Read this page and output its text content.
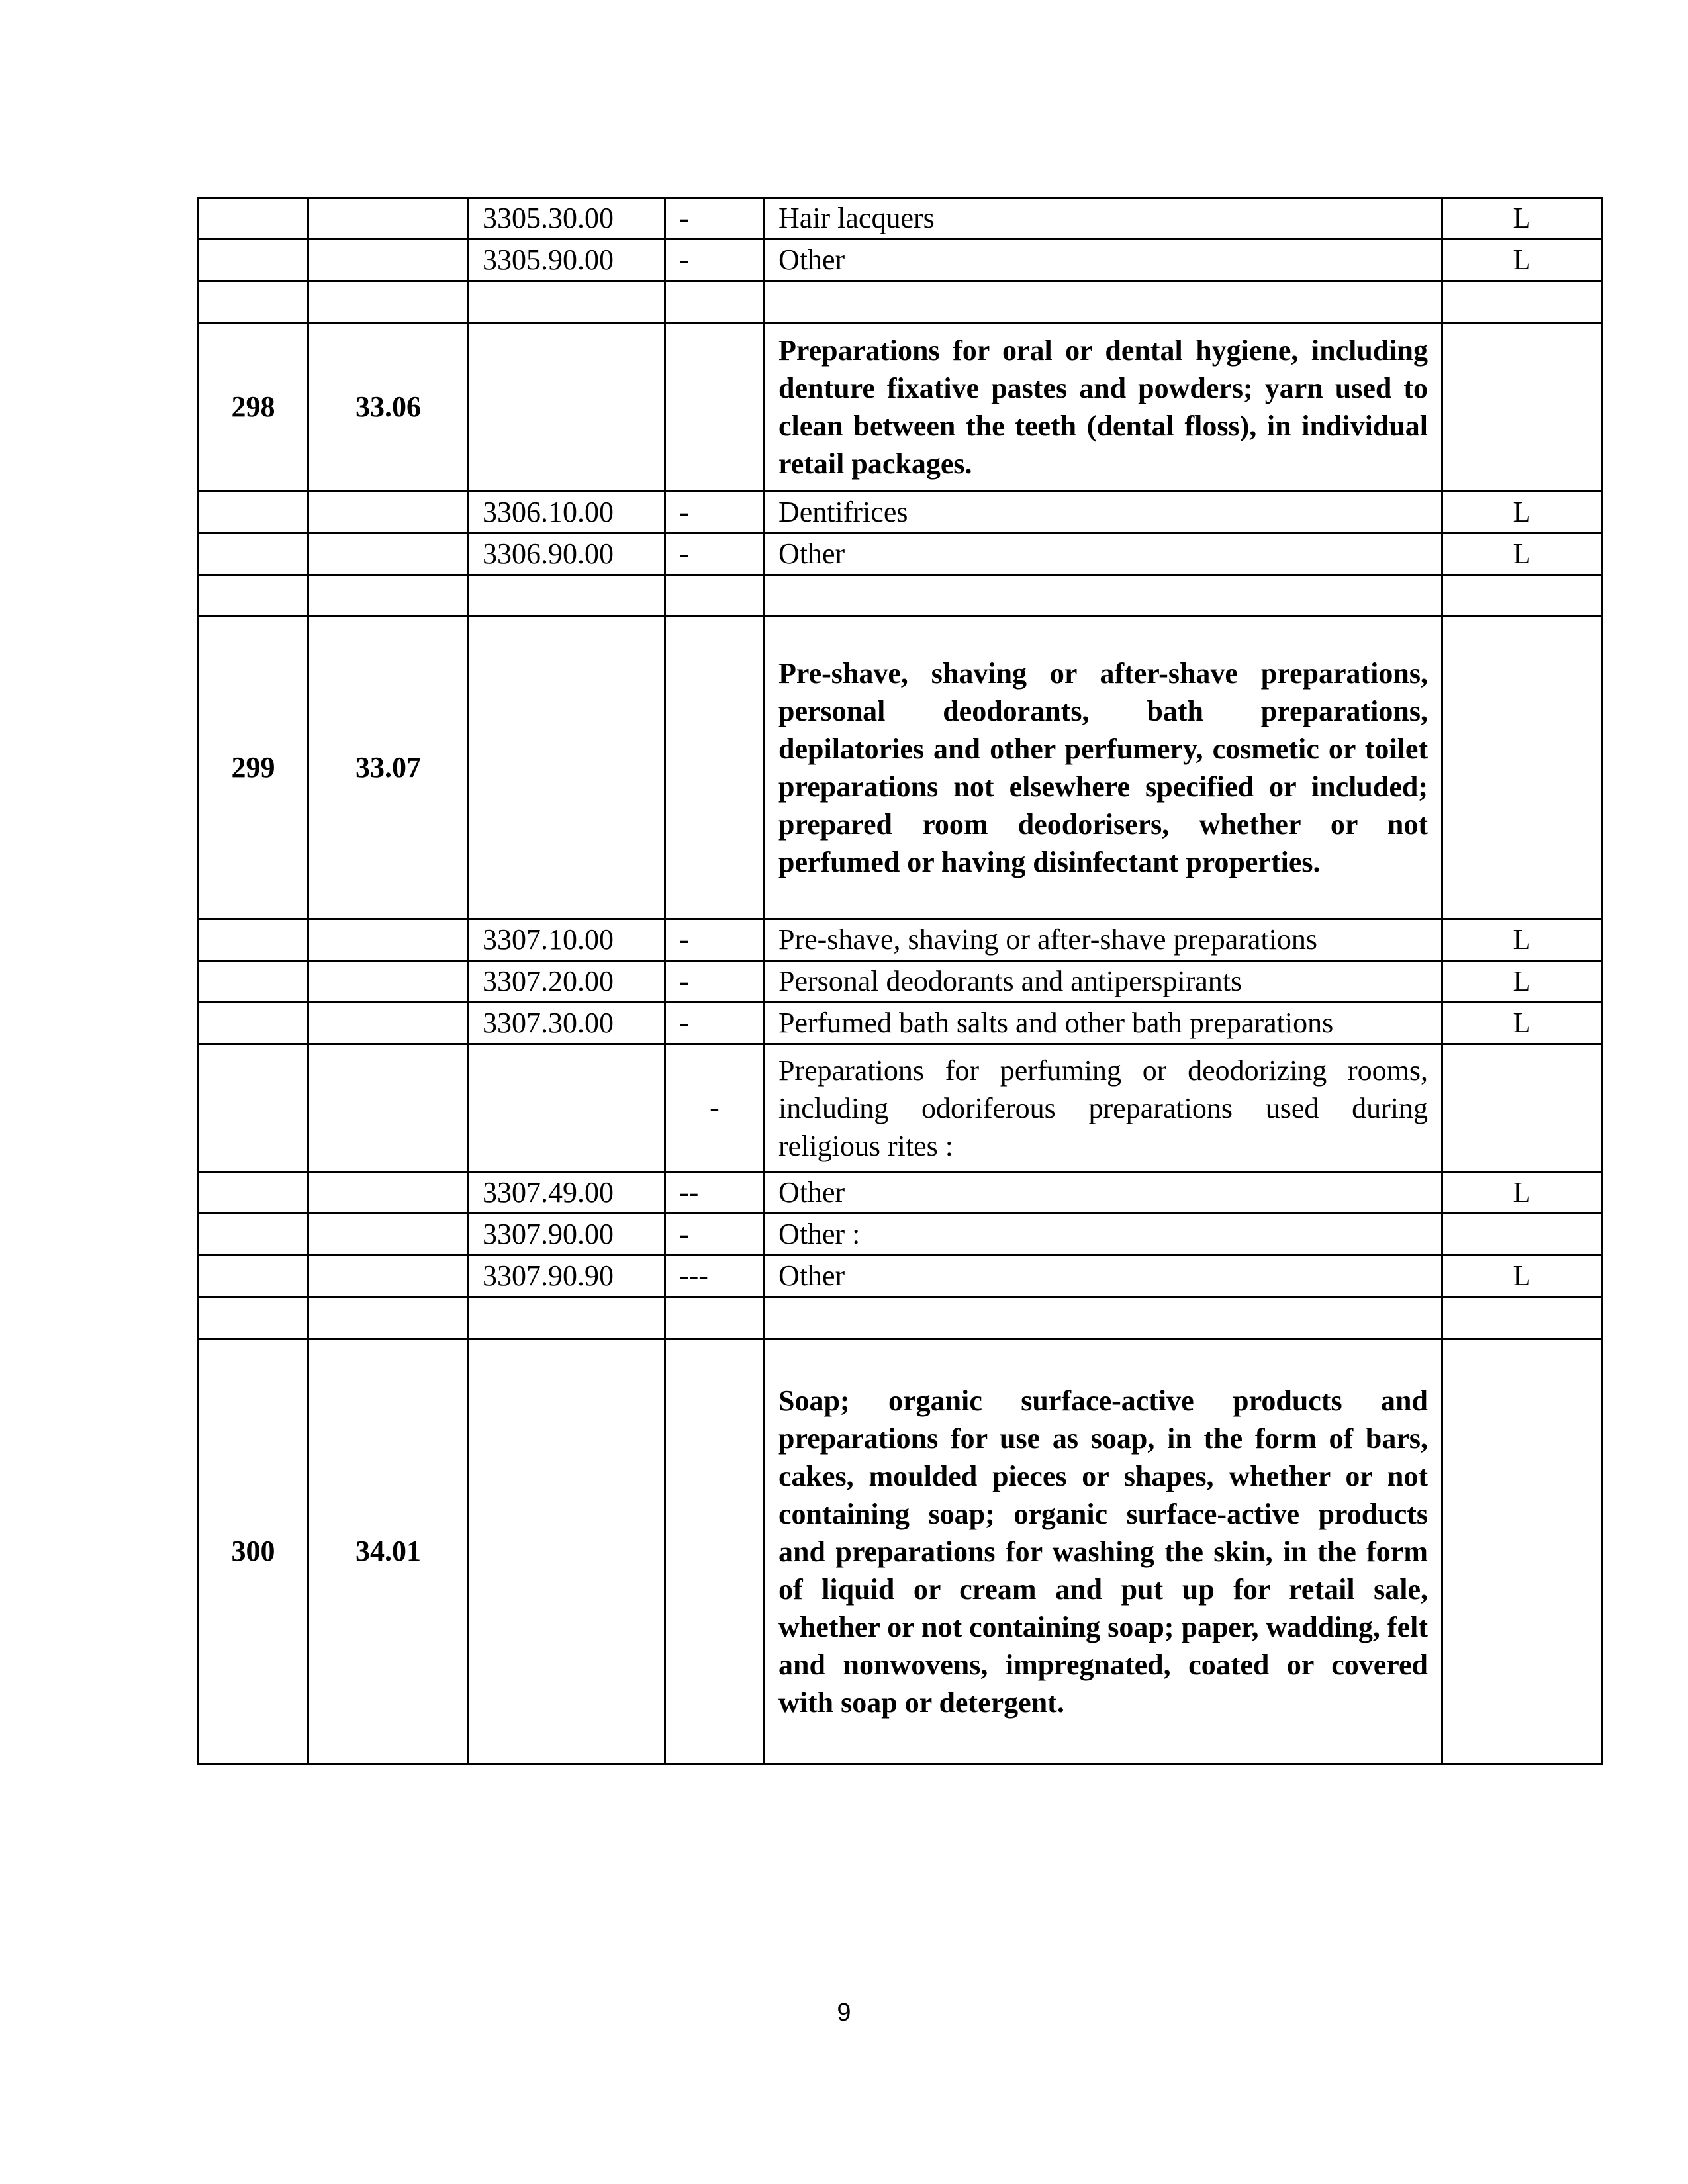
		3305.30.00	-	Hair lacquers	L
		3305.90.00	-	Other	L

298	33.06			Preparations for oral or dental hygiene, including denture fixative pastes and powders; yarn used to clean between the teeth (dental floss), in individual retail packages.	
		3306.10.00	-	Dentifrices	L
		3306.90.00	-	Other	L

299	33.07			Pre-shave, shaving or after-shave preparations, personal deodorants, bath preparations, depilatories and other perfumery, cosmetic or toilet preparations not elsewhere specified or included; prepared room deodorisers, whether or not perfumed or having disinfectant properties.	
		3307.10.00	-	Pre-shave, shaving or after-shave preparations	L
		3307.20.00	-	Personal deodorants and antiperspirants	L
		3307.30.00	-	Perfumed bath salts and other bath preparations	L
			-	Preparations for perfuming or deodorizing rooms, including odoriferous preparations used during religious rites :	
		3307.49.00	--	Other	L
		3307.90.00	-	Other :	
		3307.90.90	---	Other	L

300	34.01			Soap; organic surface-active products and preparations for use as soap, in the form of bars, cakes, moulded pieces or shapes, whether or not containing soap; organic surface-active products and preparations for washing the skin, in the form of liquid or cream and put up for retail sale, whether or not containing soap; paper, wadding, felt and nonwovens, impregnated, coated or covered with soap or detergent.	
9
